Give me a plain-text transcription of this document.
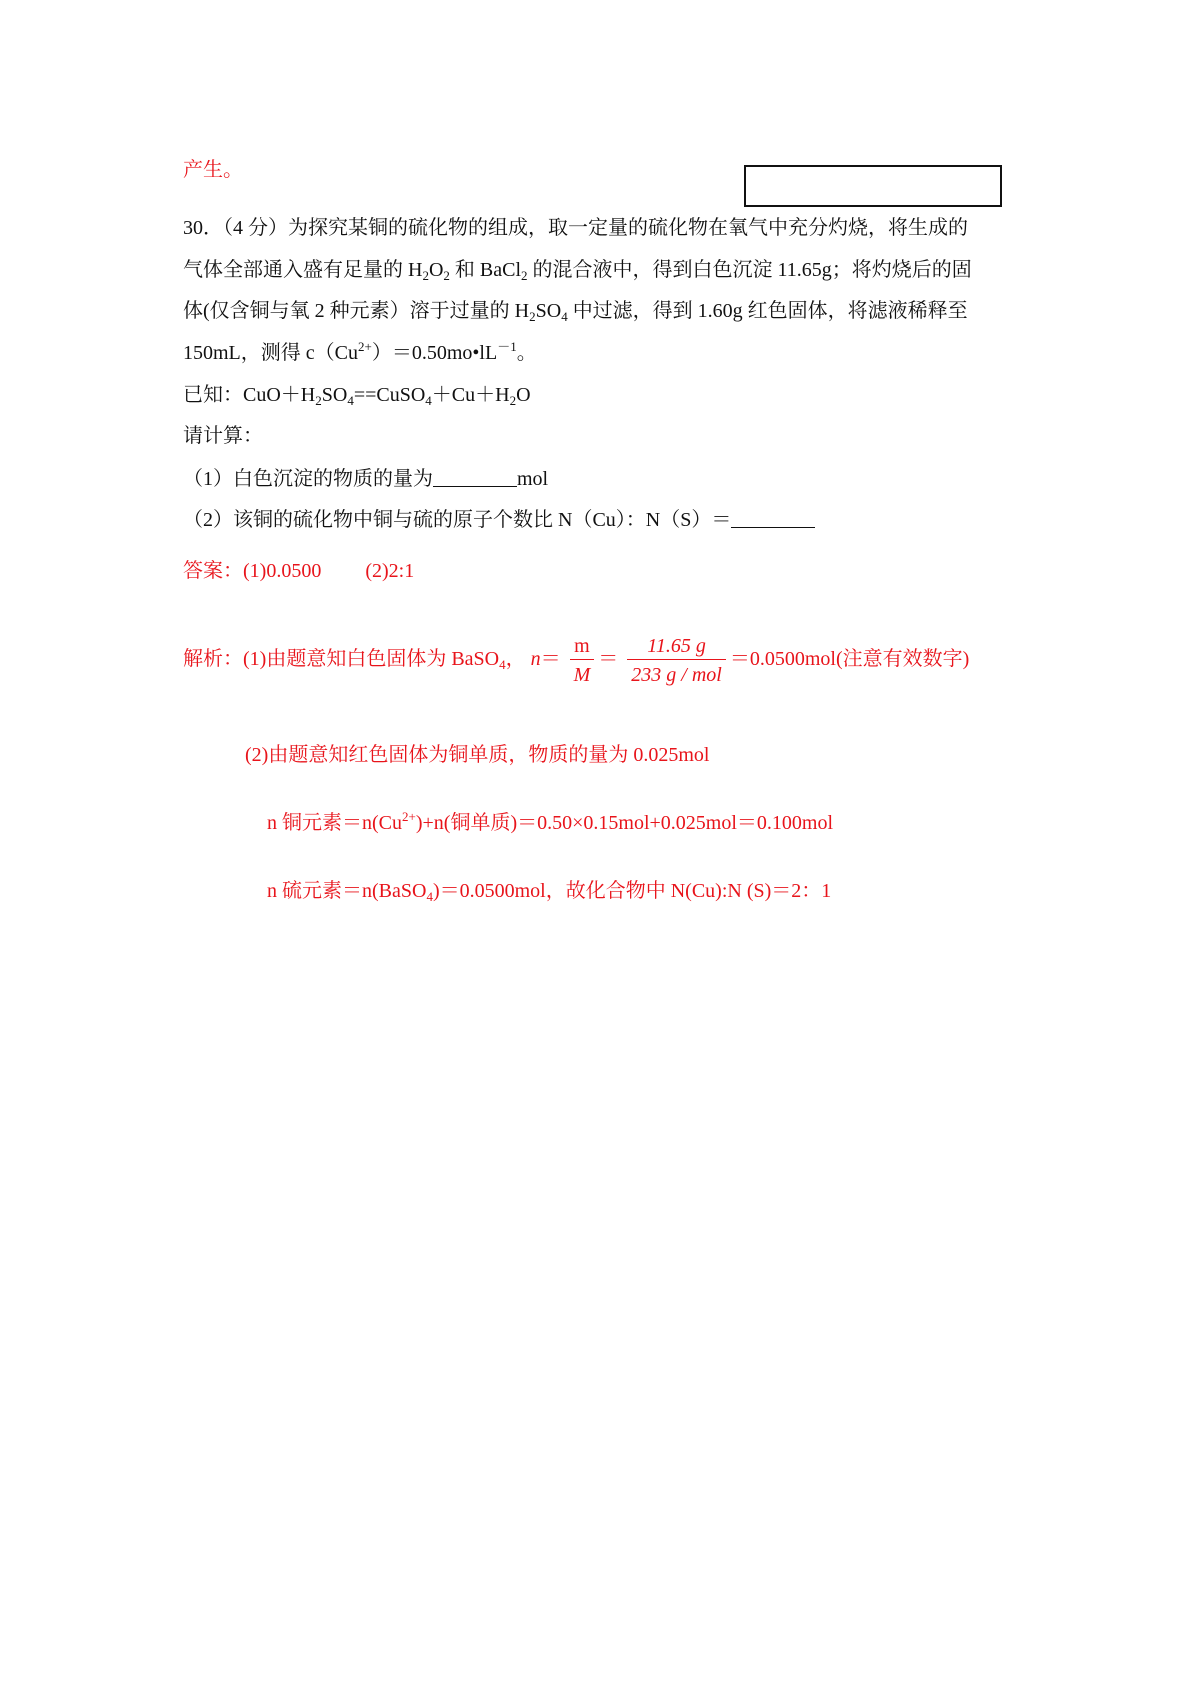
产生。
30．（4 分）为探究某铜的硫化物的组成，取一定量的硫化物在氧气中充分灼烧，将生成的
气体全部通入盛有足量的 $H_2O_2$ 和 BaCl$_2$ 的混合液中，得到白色沉淀 11.65g；将灼烧后的固
体(仅含铜与氧 2 种元素）溶于过量的 $H_2SO_4$ 中过滤，得到 1.60g 红色固体，将滤液稀释至
150mL，测得 $c(Cu^{2+})=0.50mo•lL^{-1}$。
已知：$CuO+H_2SO_4==CuSO_4+Cu+H_2O$
请计算：
（1）白色沉淀的物质的量为	mol
（2）该铜的硫化物中铜与硫的原子个数比 N（Cu）：N（S）＝
答案：(1)0.0500 (2)2:1
解析：(1)由题意知白色固体为 BaSO$_4$， $n= \frac{m}{M} = \frac{11.65 g}{\text{233 g / mol}} =0.0500mol$(注意有效数字)
(2)由题意知红色固体为铜单质，物质的量为 0.025mol
n 铜元素$=n(Cu^{2+})+n$(铜单质)＝0.50×0.15mol+0.025mol＝0.100mol
n 硫元素＝n(BaSO$_4$)＝0.0500mol，故化合物中 N(Cu):N (S)＝2：1
